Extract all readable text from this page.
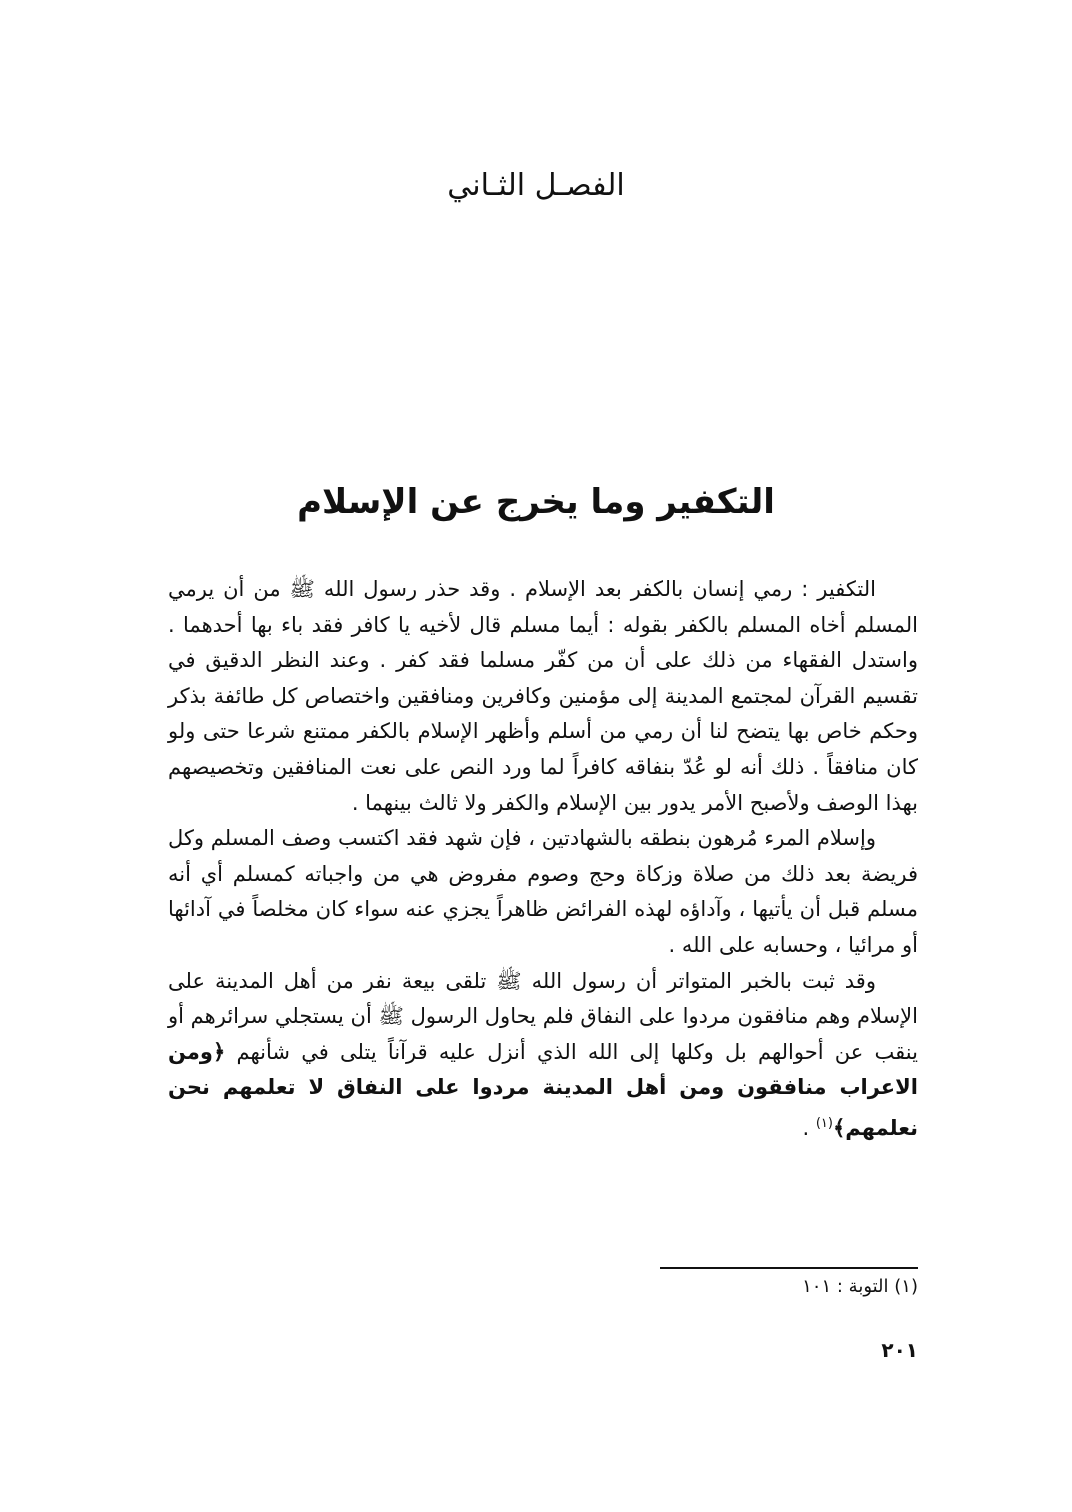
الفصـل الثـاني
التكفير وما يخرج عن الإسلام

التكفير : رمي إنسان بالكفر بعد الإسلام . وقد حذر رسول الله ﷺ من أن يرمي المسلم أخاه المسلم بالكفر بقوله : أيما مسلم قال لأخيه يا كافر فقد باء بها أحدهما . واستدل الفقهاء من ذلك على أن من كفّر مسلما فقد كفر . وعند النظر الدقيق في تقسيم القرآن لمجتمع المدينة إلى مؤمنين وكافرين ومنافقين واختصاص كل طائفة بذكر وحكم خاص بها يتضح لنا أن رمي من أسلم وأظهر الإسلام بالكفر ممتنع شرعا حتى ولو كان منافقاً . ذلك أنه لو عُدّ بنفاقه كافراً لما ورد النص على نعت المنافقين وتخصيصهم بهذا الوصف ولأصبح الأمر يدور بين الإسلام والكفر ولا ثالث بينهما .

وإسلام المرء مُرهون بنطقه بالشهادتين ، فإن شهد فقد اكتسب وصف المسلم وكل فريضة بعد ذلك من صلاة وزكاة وحج وصوم مفروض هي من واجباته كمسلم أي أنه مسلم قبل أن يأتيها ، وآداؤه لهذه الفرائض ظاهراً يجزي عنه سواء كان مخلصاً في آدائها أو مرائيا ، وحسابه على الله .

وقد ثبت بالخبر المتواتر أن رسول الله ﷺ تلقى بيعة نفر من أهل المدينة على الإسلام وهم منافقون مردوا على النفاق فلم يحاول الرسول ﷺ أن يستجلي سرائرهم أو ينقب عن أحوالهم بل وكلها إلى الله الذي أنزل عليه قرآناً يتلى في شأنهم ﴿ومن الاعراب منافقون ومن أهل المدينة مردوا على النفاق لا تعلمهم نحن نعلمهم﴾$^{(١)}$ .

(١) التوبة : ١٠١
٢٠١
